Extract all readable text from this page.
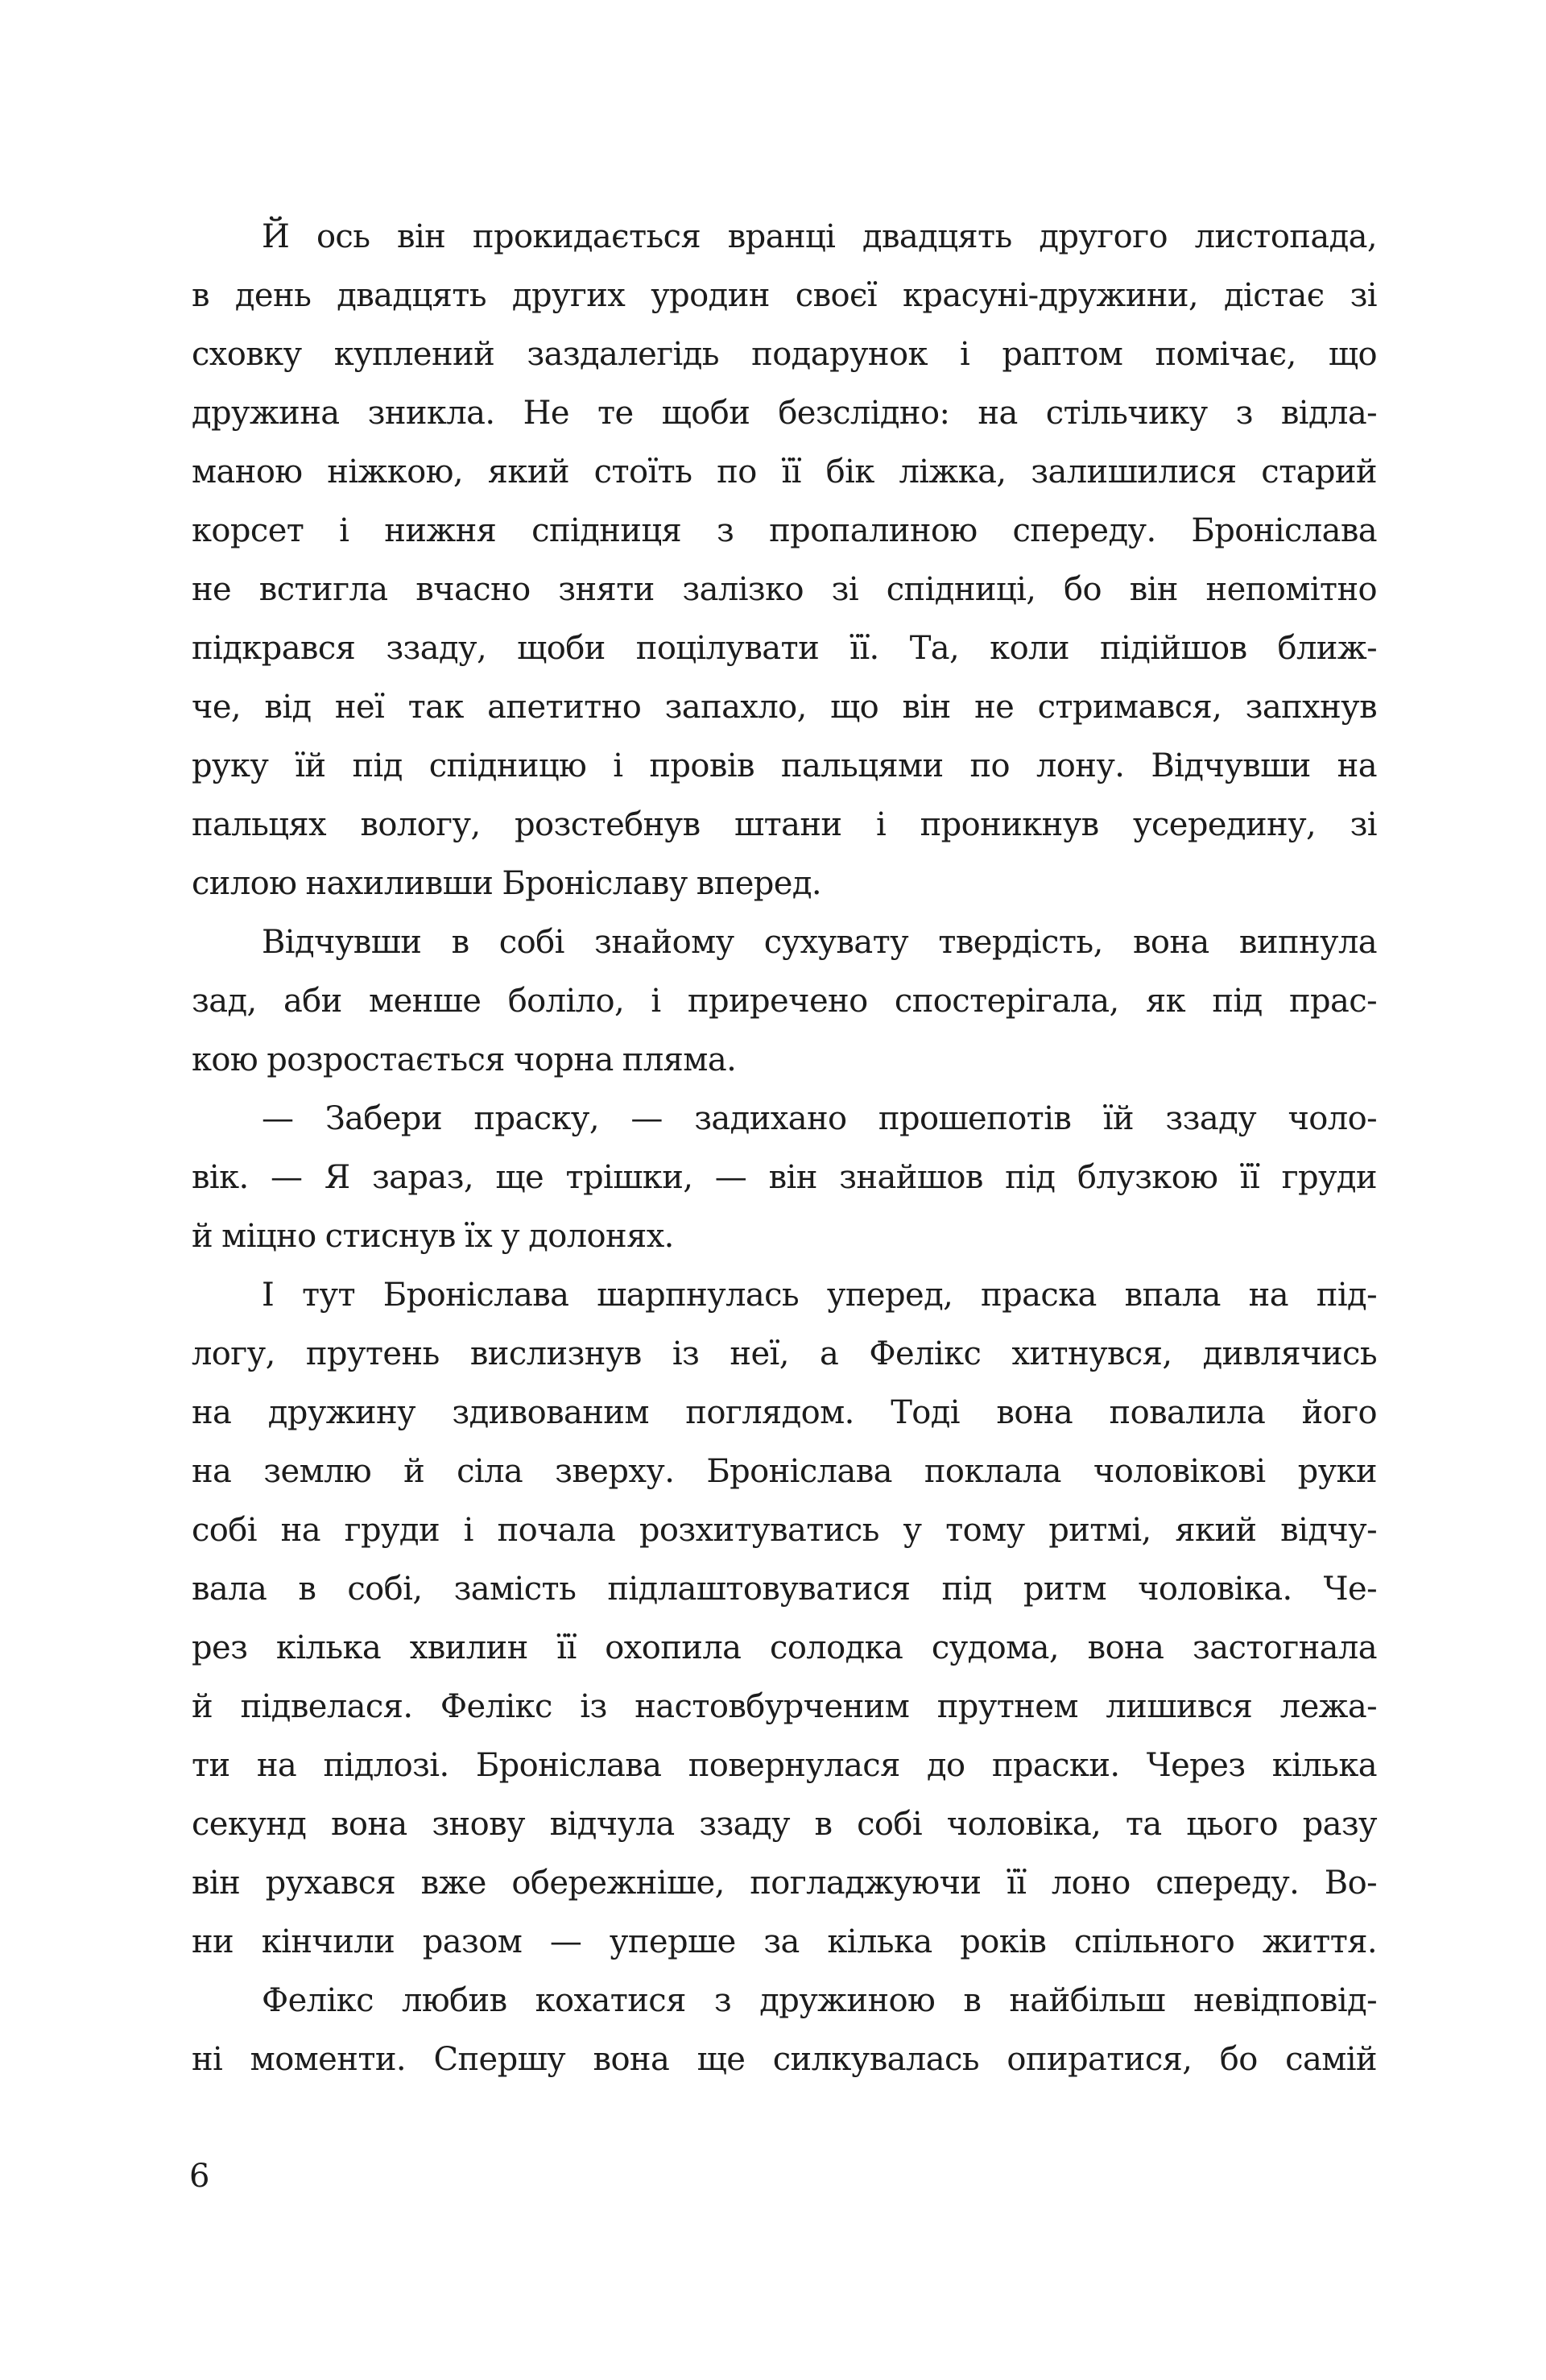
Й ось він прокидається вранці двадцять другого листопада,
в день двадцять других уродин своєї красуні-дружини, дістає зі
сховку куплений заздалегідь подарунок і раптом помічає, що
дружина зникла. Не те щоби безслідно: на стільчику з відла-
маною ніжкою, який стоїть по її бік ліжка, залишилися старий
корсет і нижня спідниця з пропалиною спереду. Броніслава
не встигла вчасно зняти залізко зі спідниці, бо він непомітно
підкрався ззаду, щоби поцілувати її. Та, коли підійшов ближ-
че, від неї так апетитно запахло, що він не стримався, запхнув
руку їй під спідницю і провів пальцями по лону. Відчувши на
пальцях вологу, розстебнув штани і проникнув усередину, зі
силою нахиливши Броніславу вперед.
Відчувши в собі знайому сухувату твердість, вона випнула
зад, аби менше боліло, і приречено спостерігала, як під прас-
кою розростається чорна пляма.
— Забери праску, — задихано прошепотів їй ззаду чоло-
вік. — Я зараз, ще трішки, — він знайшов під блузкою її груди
й міцно стиснув їх у долонях.
І тут Броніслава шарпнулась уперед, праска впала на під-
логу, прутень вислизнув із неї, а Фелікс хитнувся, дивлячись
на дружину здивованим поглядом. Тоді вона повалила його
на землю й сіла зверху. Броніслава поклала чоловікові руки
собі на груди і почала розхитуватись у тому ритмі, який відчу-
вала в собі, замість підлаштовуватися під ритм чоловіка. Че-
рез кілька хвилин її охопила солодка судома, вона застогнала
й підвелася. Фелікс із настовбурченим прутнем лишився лежа-
ти на підлозі. Броніслава повернулася до праски. Через кілька
секунд вона знову відчула ззаду в собі чоловіка, та цього разу
він рухався вже обережніше, погладжуючи її лоно спереду. Во-
ни кінчили разом — уперше за кілька років спільного життя.
Фелікс любив кохатися з дружиною в найбільш невідповід-
ні моменти. Спершу вона ще силкувалась опиратися, бо самій
6
